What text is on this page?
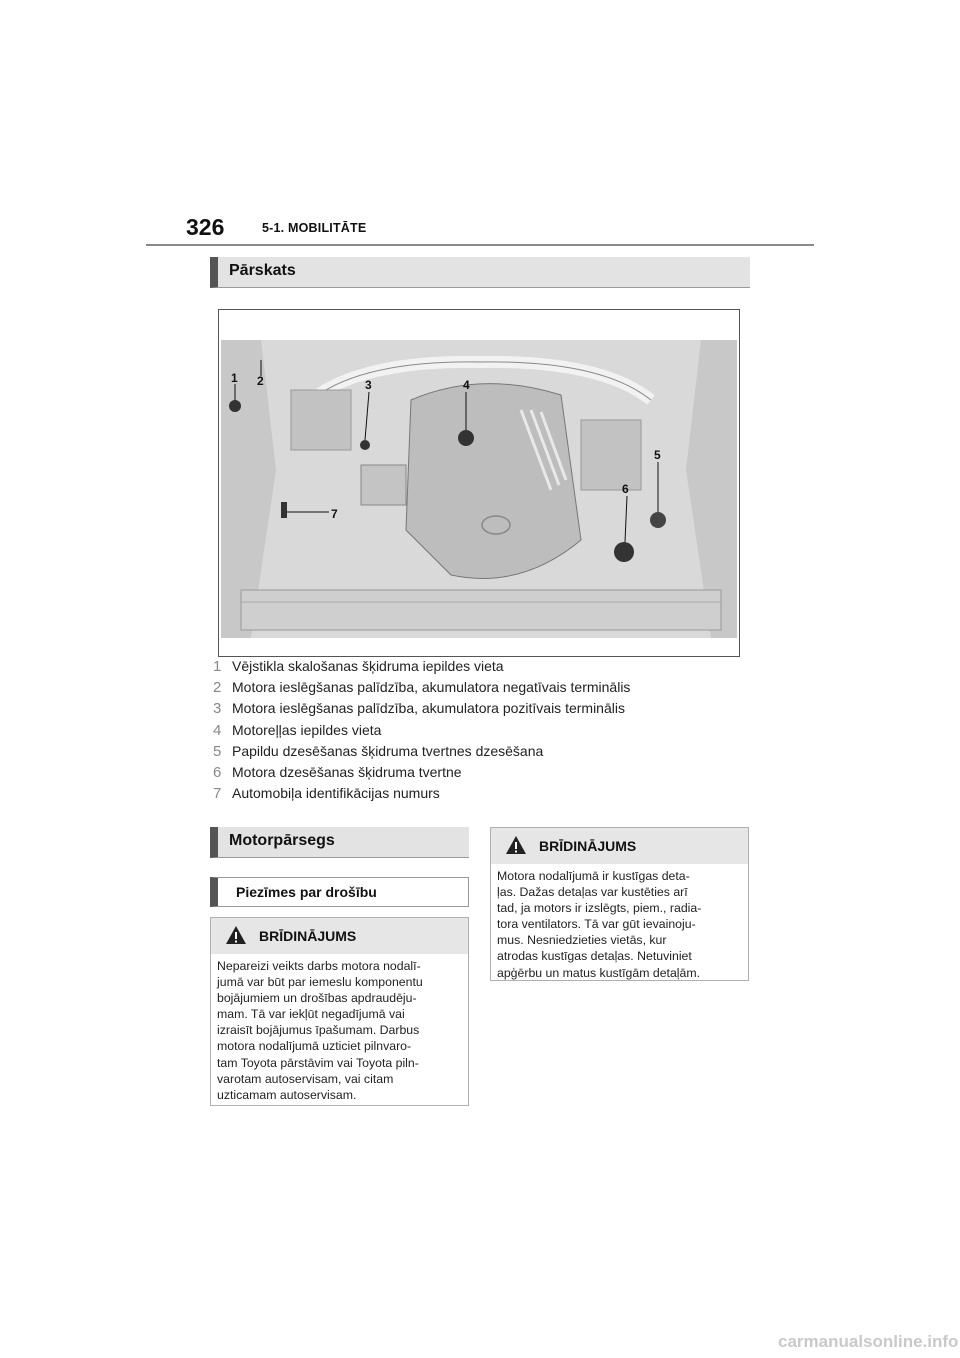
326	5-1. MOBILITĀTE
Pārskats
1 2	3	4
5
6
7
1 Vējstikla skalošanas šķidruma iepildes vieta
2 Motora ieslēgšanas palīdzība, akumulatora negatīvais terminālis
3 Motora ieslēgšanas palīdzība, akumulatora pozitīvais terminālis
4 Motoreļļas iepildes vieta
5 Papildu dzesēšanas šķidruma tvertnes dzesēšana
6 Motora dzesēšanas šķidruma tvertne
7 Automobiļa identifikācijas numurs
Motorpārsegs
Piezīmes par drošību
BRĪDINĀJUMS
Nepareizi veikts darbs motora nodalī-
jumā var būt par iemeslu komponentu
bojājumiem un drošības apdraudēju-
mam. Tā var iekļūt negadījumā vai
izraisīt bojājumus īpašumam. Darbus
motora nodalījumā uzticiet pilnvaro-
tam Toyota pārstāvim vai Toyota piln-
varotam autoservisam, vai citam
uzticamam autoservisam.
BRĪDINĀJUMS
Motora nodalījumā ir kustīgas deta-
ļas. Dažas detaļas var kustēties arī
tad, ja motors ir izslēgts, piem., radia-
tora ventilators. Tā var gūt ievainoju-
mus. Nesniedzieties vietās, kur
atrodas kustīgas detaļas. Netuviniet
apģērbu un matus kustīgām detaļām.
carmanualsonline.info
